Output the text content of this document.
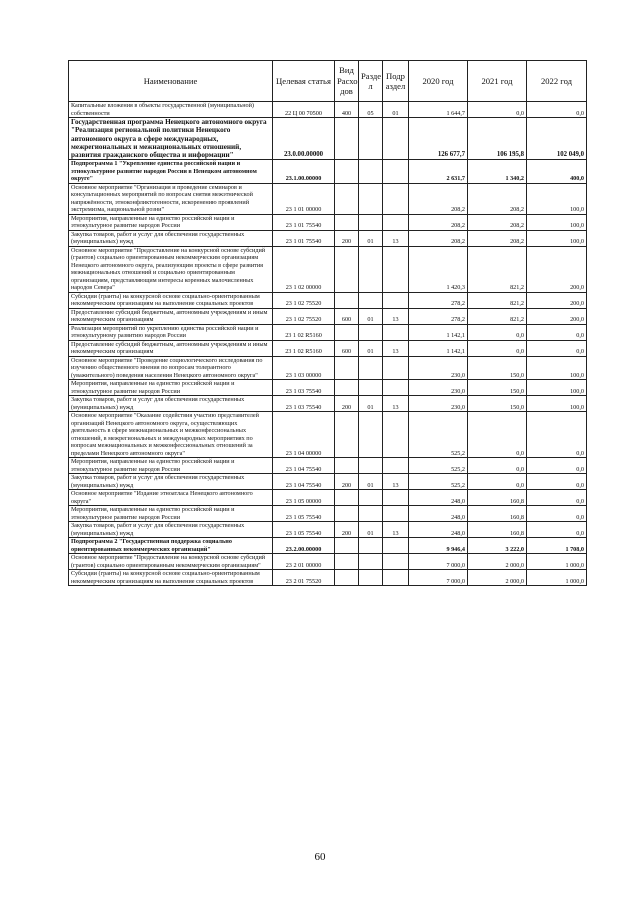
Наименование	Целевая статья	Вид Расхо дов	Разде л	Подр аздел	2020 год	2021 год	2022 год
Капитальные вложения в объекты государственной (муниципальной) собственности	22 Ц 00 70500	400	05	01	1 644,7	0,0	0,0
Государственная программа Ненецкого автономного округа "Реализация региональной политики Ненецкого автономного округа в сфере международных, межрегиональных и межнациональных отношений, развития гражданского общества и информации"	23.0.00.00000				126 677,7	106 195,8	102 049,0
Подпрограмма 1 "Укрепление единства российской нации и этнокультурное развитие народов России в Ненецком автономном округе"	23.1.00.00000				2 631,7	1 340,2	400,0
Основное мероприятие "Организация и проведение семинаров и консультационных мероприятий по вопросам снятия межэтнической напряжённости, этноконфликтогенности, искоренению проявлений экстремизма, национальной розни"	23 1 01 00000				208,2	208,2	100,0
Мероприятия, направленные на единство российской нации и этнокультурное развитие народов России	23 1 01 75540				208,2	208,2	100,0
Закупка товаров, работ и услуг для обеспечения государственных (муниципальных) нужд	23 1 01 75540	200	01	13	208,2	208,2	100,0
Основное мероприятие "Предоставление на конкурсной основе субсидий (грантов) социально ориентированным некоммерческим организациям Ненецкого автономного округа, реализующим проекты в сфере развития межнациональных отношений и социально ориентированным организациям, представляющим интересы коренных малочисленных народов Севера"	23 1 02 00000				1 420,3	821,2	200,0
Субсидии (гранты) на конкурсной основе социально-ориентированным некоммерческим организациям на выполнение социальных проектов	23 1 02 75520				278,2	821,2	200,0
Предоставление субсидий бюджетным, автономным учреждениям и иным некоммерческим организациям	23 1 02 75520	600	01	13	278,2	821,2	200,0
Реализация мероприятий по укреплению единства российской нации и этнокультурному развитию народов России	23 1 02 R5160				1 142,1	0,0	0,0
Предоставление субсидий бюджетным, автономным учреждениям и иным некоммерческим организациям	23 1 02 R5160	600	01	13	1 142,1	0,0	0,0
Основное мероприятие "Проведение социологического исследования по изучению общественного мнения по вопросам толерантного (уважительного) поведения населения Ненецкого автономного округа"	23 1 03 00000				230,0	150,0	100,0
Мероприятия, направленные на единство российской нации и этнокультурное развитие народов России	23 1 03 75540				230,0	150,0	100,0
Закупка товаров, работ и услуг для обеспечения государственных (муниципальных) нужд	23 1 03 75540	200	01	13	230,0	150,0	100,0
Основное мероприятие "Оказание содействия участию представителей организаций Ненецкого автономного округа, осуществляющих деятельность в сфере межнациональных и межконфессиональных отношений, в межрегиональных и международных мероприятиях по вопросам межнациональных и межконфессиональных отношений за пределами Ненецкого автономного округа"	23 1 04 00000				525,2	0,0	0,0
Мероприятия, направленные на единство российской нации и этнокультурное развитие народов России	23 1 04 75540				525,2	0,0	0,0
Закупка товаров, работ и услуг для обеспечения государственных (муниципальных) нужд	23 1 04 75540	200	01	13	525,2	0,0	0,0
Основное мероприятие "Издание этноатласа Ненецкого автономного округа"	23 1 05 00000				248,0	160,8	0,0
Мероприятия, направленные на единство российской нации и этнокультурное развитие народов России	23 1 05 75540				248,0	160,8	0,0
Закупка товаров, работ и услуг для обеспечения государственных (муниципальных) нужд	23 1 05 75540	200	01	13	248,0	160,8	0,0
Подпрограмма 2 "Государственная поддержка социально ориентированных некоммерческих организаций"	23.2.00.00000				9 946,4	3 222,0	1 708,0
Основное мероприятие "Предоставление на конкурсной основе субсидий (грантов) социально ориентированным некоммерческим организациям"	23 2 01 00000				7 000,0	2 000,0	1 000,0
Субсидии (гранты) на конкурсной основе социально-ориентированным некоммерческим организациям на выполнение социальных проектов	23 2 01 75520				7 000,0	2 000,0	1 000,0
60
